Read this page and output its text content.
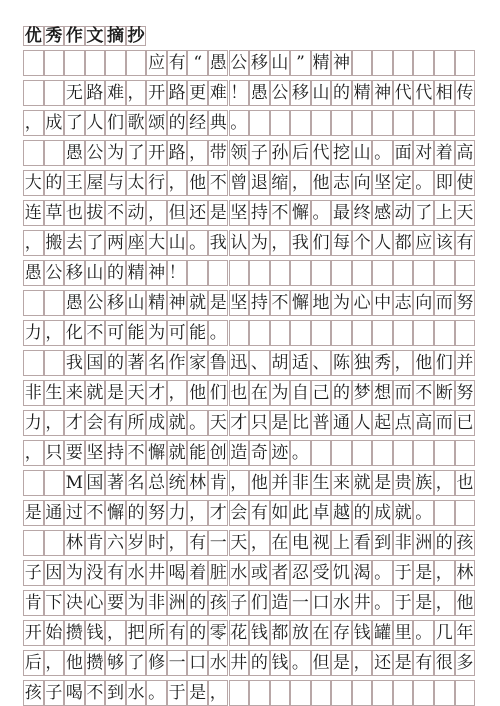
优 秀 作 文 摘 抄
应 有 “ 愚 公 移 山 ” 精 神
无 路 难 ， 开 路 更 难 ！ 愚 公 移 山 的 精 神 代 代 相 传
， 成 了 人 们 歌 颂 的 经 典 。
愚 公 为 了 开 路 ， 带 领 子 孙 后 代 挖 山 。 面 对 着 高
大 的 王 屋 与 太 行 ， 他 不 曾 退 缩 ， 他 志 向 坚 定 。 即 使
连 草 也 拔 不 动 ， 但 还 是 坚 持 不 懈 。 最 终 感 动 了 上 天
， 搬 去 了 两 座 大 山 。 我 认 为 ， 我 们 每 个 人 都 应 该 有
愚 公 移 山 的 精 神 ！
愚 公 移 山 精 神 就 是 坚 持 不 懈 地 为 心 中 志 向 而 努
力 ， 化 不 可 能 为 可 能 。
我 国 的 著 名 作 家 鲁 迅 、 胡 适 、 陈 独 秀 ， 他 们 并
非 生 来 就 是 天 才 ， 他 们 也 在 为 自 己 的 梦 想 而 不 断 努
力 ， 才 会 有 所 成 就 。 天 才 只 是 比 普 通 人 起 点 高 而 已
， 只 要 坚 持 不 懈 就 能 创 造 奇 迹 。
M 国 著 名 总 统 林 肯 ， 他 并 非 生 来 就 是 贵 族 ， 也
是 通 过 不 懈 的 努 力 ， 才 会 有 如 此 卓 越 的 成 就 。
林 肯 六 岁 时 ， 有 一 天 ， 在 电 视 上 看 到 非 洲 的 孩
子 因 为 没 有 水 井 喝 着 脏 水 或 者 忍 受 饥 渴 。 于 是 ， 林
肯 下 决 心 要 为 非 洲 的 孩 子 们 造 一 口 水 井 。 于 是 ， 他
开 始 攒 钱 ， 把 所 有 的 零 花 钱 都 放 在 存 钱 罐 里 。 几 年
后 ， 他 攒 够 了 修 一 口 水 井 的 钱 。 但 是 ， 还 是 有 很 多
孩 子 喝 不 到 水 。 于 是 ，
